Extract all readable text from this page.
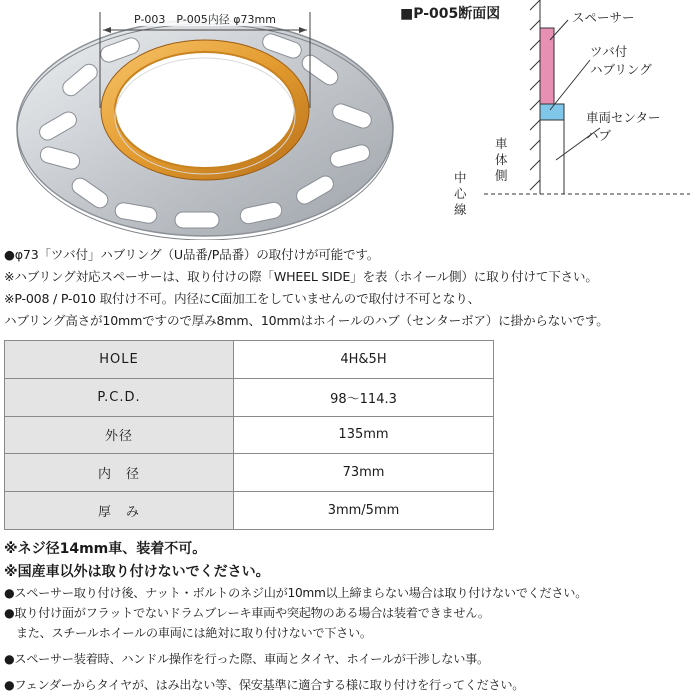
P-003　P-005内径 φ73mm	■P-005断面図	スペーサー
ツバ付
ハブリング
車両センター
ハブ
車
体
側
中
心
線
●φ73「ツバ付」ハブリング（U品番/P品番）の取付けが可能です。
※ハブリング対応スペーサーは、取り付けの際「WHEEL SIDE」を表（ホイール側）に取り付けて下さい。
※P-008 / P-010 取付け不可。内径にC面加工をしていませんので取付け不可となり、
ハブリング高さが10mmですので厚み8mm、10mmはホイールのハブ（センターボア）に掛からないです。
HOLE	4H&5H
P.C.D.	98〜114.3
外径	135mm
内　径	73mm
厚　み	3mm/5mm
※ネジ径14mm車、装着不可。
※国産車以外は取り付けないでください。
●スペーサー取り付け後、ナット・ボルトのネジ山が10mm以上締まらない場合は取り付けないでください。
●取り付け面がフラットでないドラムブレーキ車両や突起物のある場合は装着できません。
　また、スチールホイールの車両には絶対に取り付けないで下さい。
●スペーサー装着時、ハンドル操作を行った際、車両とタイヤ、ホイールが干渉しない事。
●フェンダーからタイヤが、はみ出ない等、保安基準に適合する様に取り付けを行ってください。
